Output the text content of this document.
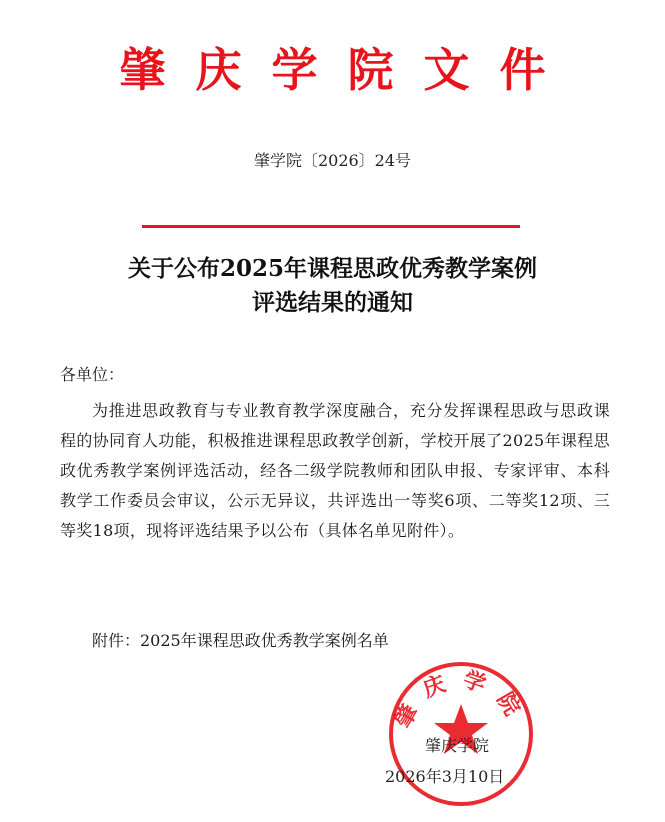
肇庆学院文件
肇学院〔2026〕24号
关于公布2025年课程思政优秀教学案例
评选结果的通知
各单位：
为推进思政教育与专业教育教学深度融合，充分发挥课程思政与思政课程的协同育人功能，积极推进课程思政教学创新，学校开展了2025年课程思政优秀教学案例评选活动，经各二级学院教师和团队申报、专家评审、本科教学工作委员会审议，公示无异议，共评选出一等奖6项、二等奖12项、三等奖18项，现将评选结果予以公布（具体名单见附件）。
附件：2025年课程思政优秀教学案例名单
肇庆学院
肇庆学院
2026年3月10日
